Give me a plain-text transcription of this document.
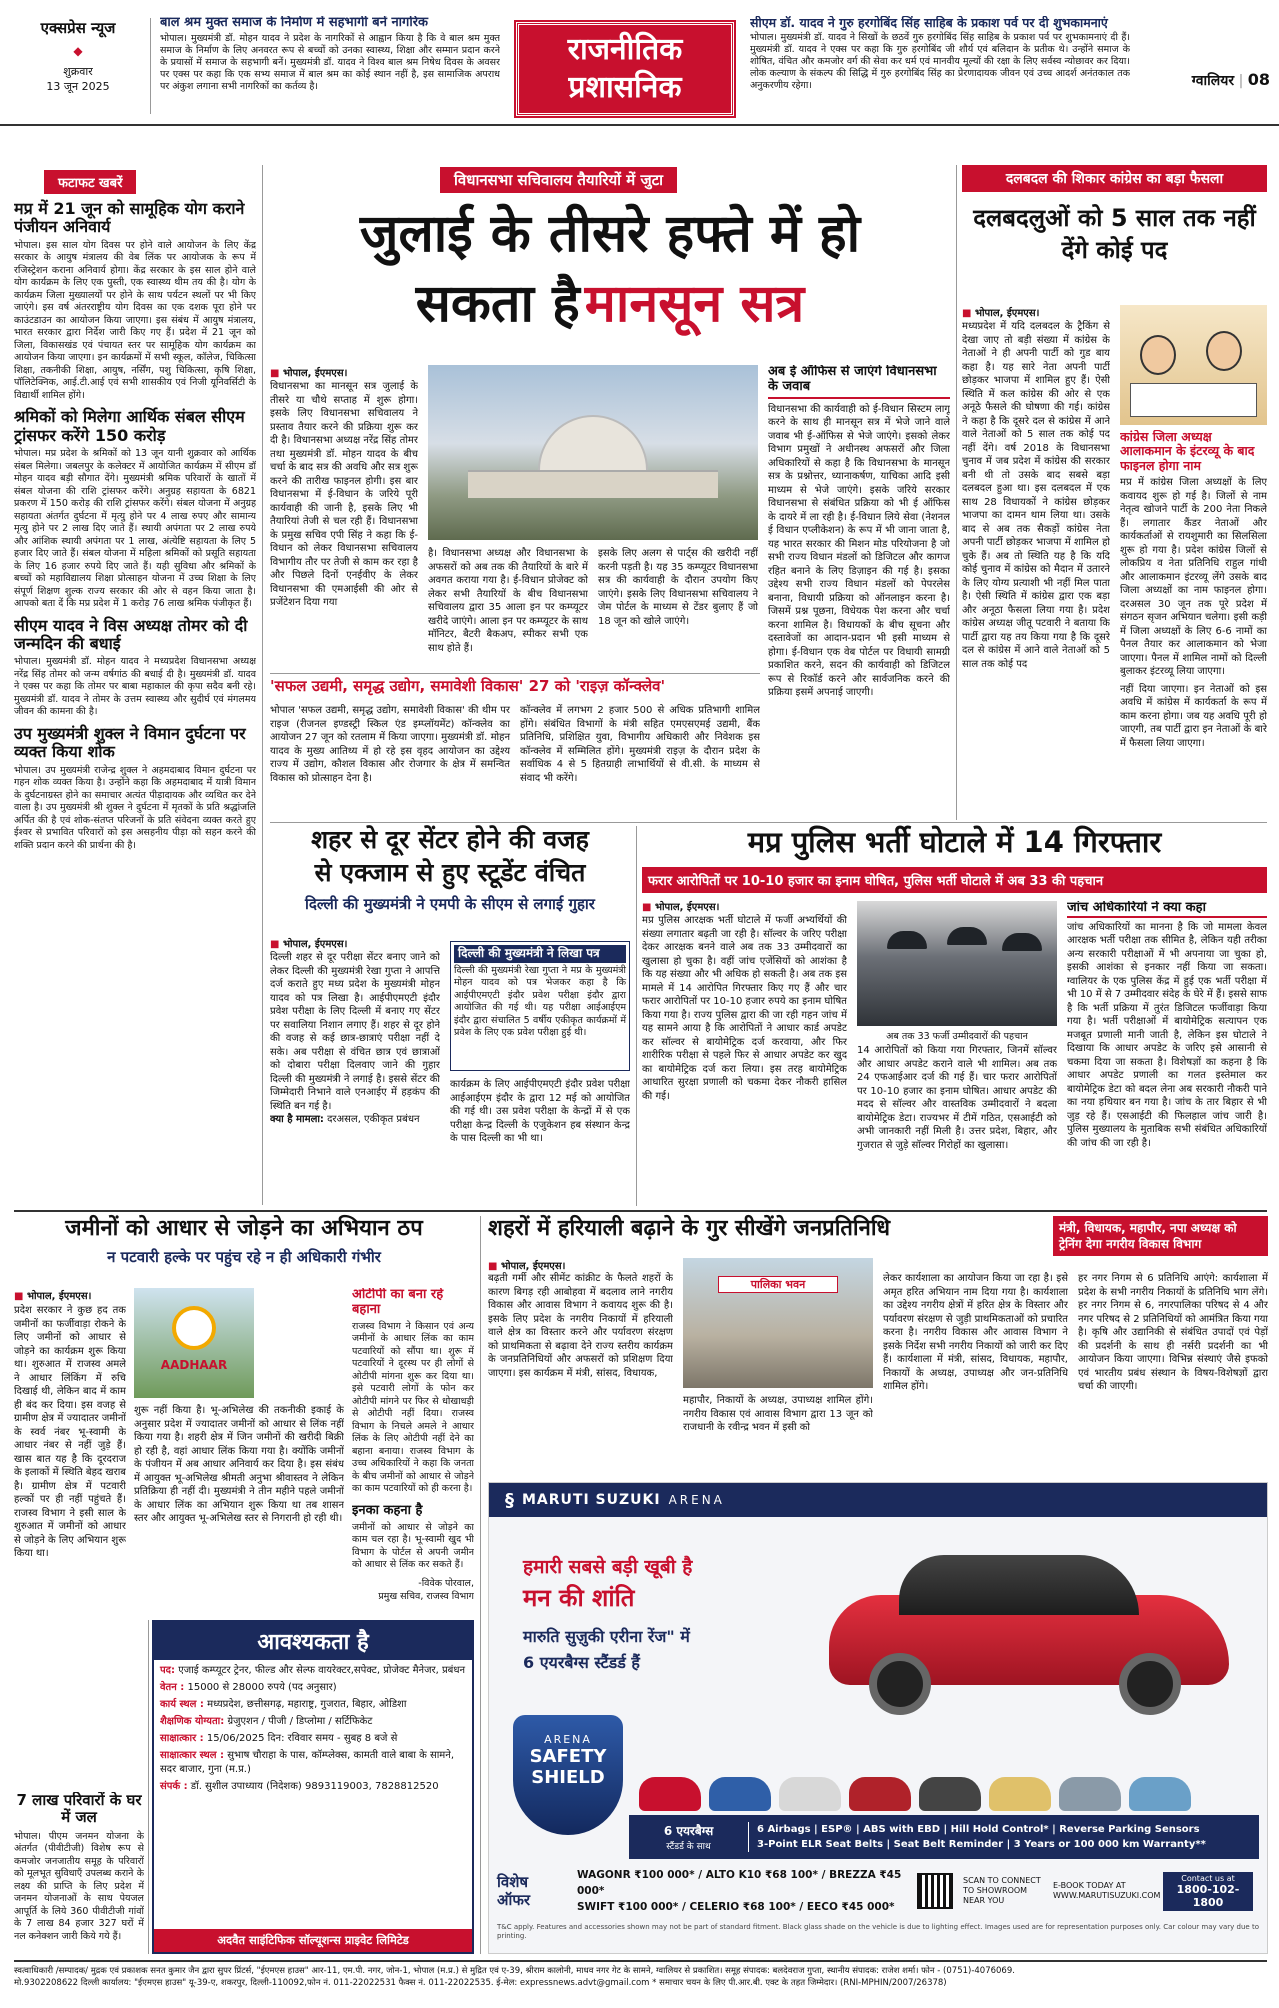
एक्सप्रेस न्यूज
◆
शुक्रवार
13 जून 2025
बाल श्रम मुक्त समाज के निर्माण में सहभागी बनें नागरिक
भोपाल। मुख्यमंत्री डॉ. मोहन यादव ने प्रदेश के नागरिकों से आह्वान किया है कि वे बाल श्रम मुक्त समाज के निर्माण के लिए अनवरत रूप से बच्चों को उनका स्वास्थ्य, शिक्षा और सम्मान प्रदान करने के प्रयासों में समाज के सहभागी बनें। मुख्यमंत्री डॉ. यादव ने विश्व बाल श्रम निषेध दिवस के अवसर पर एक्स पर कहा कि एक सभ्य समाज में बाल श्रम का कोई स्थान नहीं है, इस सामाजिक अपराध पर अंकुश लगाना सभी नागरिकों का कर्तव्य है।
राजनीतिक प्रशासनिक
सीएम डॉ. यादव ने गुरु हरगोबिंद सिंह साहिब के प्रकाश पर्व पर दी शुभकामनाएं
भोपाल। मुख्यमंत्री डॉ. यादव ने सिखों के छठवें गुरु हरगोबिंद सिंह साहिब के प्रकाश पर्व पर शुभकामनाएं दी हैं। मुख्यमंत्री डॉ. यादव ने एक्स पर कहा कि गुरु हरगोबिंद जी शौर्य एवं बलिदान के प्रतीक थे। उन्होंने समाज के शोषित, वंचित और कमजोर वर्ग की सेवा कर धर्म एवं मानवीय मूल्यों की रक्षा के लिए सर्वस्व न्योछावर कर दिया। लोक कल्याण के संकल्प की सिद्धि में गुरु हरगोबिंद सिंह का प्रेरणादायक जीवन एवं उच्च आदर्श अनंतकाल तक अनुकरणीय रहेगा।	ग्वालियर | 08
फटाफट खबरें
मप्र में 21 जून को सामूहिक योग कराने पंजीयन अनिवार्य
भोपाल। इस साल योग दिवस पर होने वाले आयोजन के लिए केंद्र सरकार के आयुष मंत्रालय की वेब लिंक पर आयोजक के रूप में रजिस्ट्रेशन कराना अनिवार्य होगा। केंद्र सरकार के इस साल होने वाले योग कार्यक्रम के लिए एक पुस्ती, एक स्वास्थ्य थीम तय की है। योग के कार्यक्रम जिला मुख्यालयों पर होने के साथ पर्यटन स्थलों पर भी किए जाएंगे। इस वर्ष अंतरराष्ट्रीय योग दिवस का एक दशक पूरा होने पर काउंटडाउन का आयोजन किया जाएगा। इस संबंध में आयुष मंत्रालय, भारत सरकार द्वारा निर्देश जारी किए गए हैं। प्रदेश में 21 जून को जिला, विकासखंड एवं पंचायत स्तर पर सामूहिक योग कार्यक्रम का आयोजन किया जाएगा। इन कार्यक्रमों में सभी स्कूल, कॉलेज, चिकित्सा शिक्षा, तकनीकी शिक्षा, आयुष, नर्सिंग, पशु चिकित्सा, कृषि शिक्षा, पॉलिटेक्निक, आई.टी.आई एवं सभी शासकीय एवं निजी यूनिवर्सिटी के विद्यार्थी शामिल होंगे।
श्रमिकों को मिलेगा आर्थिक संबल सीएम ट्रांसफर करेंगे 150 करोड़
भोपाल। मप्र प्रदेश के श्रमिकों को 13 जून यानी शुक्रवार को आर्थिक संबल मिलेगा। जबलपुर के कलेक्टर में आयोजित कार्यक्रम में सीएम डॉ मोहन यादव बड़ी सौगात देंगे। मुख्यमंत्री श्रमिक परिवारों के खातों में संबल योजना की राशि ट्रांसफर करेंगे। अनुग्रह सहायता के 6821 प्रकरण में 150 करोड़ की राशि ट्रांसफर करेंगे। संबल योजना में अनुग्रह सहायता अंतर्गत दुर्घटना में मृत्यु होने पर 4 लाख रुपए और सामान्य मृत्यु होने पर 2 लाख दिए जाते हैं। स्थायी अपंगता पर 2 लाख रुपये और आंशिक स्थायी अपंगता पर 1 लाख, अंत्येष्टि सहायता के लिए 5 हजार दिए जाते हैं। संबल योजना में महिला श्रमिकों को प्रसूति सहायता के लिए 16 हजार रुपये दिए जाते हैं। यही सुविधा और श्रमिकों के बच्चों को महाविद्यालय शिक्षा प्रोत्साहन योजना में उच्च शिक्षा के लिए संपूर्ण शिक्षण शुल्क राज्य सरकार की ओर से वहन किया जाता है। आपको बता दें कि मप्र प्रदेश में 1 करोड़ 76 लाख श्रमिक पंजीकृत हैं।
सीएम यादव ने विस अध्यक्ष तोमर को दी जन्मदिन की बधाई
भोपाल। मुख्यमंत्री डॉ. मोहन यादव ने मध्यप्रदेश विधानसभा अध्यक्ष नरेंद्र सिंह तोमर को जन्म वर्षगांठ की बधाई दी है। मुख्यमंत्री डॉ. यादव ने एक्स पर कहा कि तोमर पर बाबा महाकाल की कृपा सदैव बनी रहे। मुख्यमंत्री डॉ. यादव ने तोमर के उत्तम स्वास्थ्य और सुदीर्घ एवं मंगलमय जीवन की कामना की है।
उप मुख्यमंत्री शुक्ल ने विमान दुर्घटना पर व्यक्त किया शोक
भोपाल। उप मुख्यमंत्री राजेन्द्र शुक्ल ने अहमदाबाद विमान दुर्घटना पर गहन शोक व्यक्त किया है। उन्होंने कहा कि अहमदाबाद में यात्री विमान के दुर्घटनाग्रस्त होने का समाचार अत्यंत पीड़ादायक और व्यथित कर देने वाला है। उप मुख्यमंत्री श्री शुक्ल ने दुर्घटना में मृतकों के प्रति श्रद्धांजलि अर्पित की है एवं शोक-संतप्त परिजनों के प्रति संवेदना व्यक्त करते हुए ईश्वर से प्रभावित परिवारों को इस असहनीय पीड़ा को सहन करने की शक्ति प्रदान करने की प्रार्थना की है।
विधानसभा सचिवालय तैयारियों में जुटा
जुलाई के तीसरे हफ्ते में हो
सकता है मानसून सत्र
■ भोपाल, ईएमएस।
विधानसभा का मानसून सत्र जुलाई के तीसरे या चौथे सप्ताह में शुरू होगा। इसके लिए विधानसभा सचिवालय ने प्रस्ताव तैयार करने की प्रक्रिया शुरू कर दी है। विधानसभा अध्यक्ष नरेंद्र सिंह तोमर तथा मुख्यमंत्री डॉ. मोहन यादव के बीच चर्चा के बाद सत्र की अवधि और सत्र शुरू करने की तारीख फाइनल होगी। इस बार विधानसभा में ई-विधान के जरिये पूरी कार्यवाही की जानी है, इसके लिए भी तैयारियां तेजी से चल रही हैं। विधानसभा के प्रमुख सचिव एपी सिंह ने कहा कि ई-विधान को लेकर विधानसभा सचिवालय विभागीय तौर पर तेजी से काम कर रहा है और पिछले दिनों एनईवीए के लेकर विधानसभा की एमआईसी की ओर से प्रजेंटेशन दिया गया
है। विधानसभा अध्यक्ष और विधानसभा के अफसरों को अब तक की तैयारियों के बारे में अवगत कराया गया है। ई-विधान प्रोजेक्ट को लेकर सभी तैयारियों के बीच विधानसभा सचिवालय द्वारा 35 आला इन पर कम्प्यूटर खरीदे जाएंगे। आला इन पर कम्प्यूटर के साथ मॉनिटर, बैटरी बैकअप, स्पीकर सभी एक साथ होते हैं।
इसके लिए अलग से पार्ट्स की खरीदी नहीं करनी पड़ती है। यह 35 कम्प्यूटर विधानसभा सत्र की कार्यवाही के दौरान उपयोग किए जाएंगे। इसके लिए विधानसभा सचिवालय ने जेम पोर्टल के माध्यम से टेंडर बुलाए हैं जो 18 जून को खोले जाएंगे।
अब ई ऑफिस से जाएंगे विधानसभा के जवाब
विधानसभा की कार्यवाही को ई-विधान सिस्टम लागू करने के साथ ही मानसून सत्र में भेजे जाने वाले जवाब भी ई-ऑफिस से भेजे जाएंगे। इसको लेकर विभाग प्रमुखों ने अधीनस्थ अफसरों और जिला अधिकारियों से कहा है कि विधानसभा के मानसून सत्र के प्रश्नोत्तर, ध्यानाकर्षण, याचिका आदि इसी माध्यम से भेजे जाएंगे। इसके जरिये सरकार विधानसभा से संबंधित प्रक्रिया को भी ई ऑफिस के दायरे में ला रही है। ई-विधान लिये सेवा (नेशनल ई विधान एप्लीकेशन) के रूप में भी जाना जाता है, यह भारत सरकार की मिशन मोड परियोजना है जो सभी राज्य विधान मंडलों को डिजिटल और कागज रहित बनाने के लिए डिज़ाइन की गई है। इसका उद्देश्य सभी राज्य विधान मंडलों को पेपरलेस बनाना, विधायी प्रक्रिया को ऑनलाइन करना है। जिसमें प्रश्न पूछना, विधेयक पेश करना और चर्चा करना शामिल है। विधायकों के बीच सूचना और दस्तावेजों का आदान-प्रदान भी इसी माध्यम से होगा। ई-विधान एक वेब पोर्टल पर विधायी सामग्री प्रकाशित करने, सदन की कार्यवाही को डिजिटल रूप से रिकॉर्ड करने और सार्वजनिक करने की प्रक्रिया इसमें अपनाई जाएगी।
'सफल उद्यमी, समृद्ध उद्योग, समावेशी विकास' 27 को 'राइज़ कॉन्क्लेव'
भोपाल 'सफल उद्यमी, समृद्ध उद्योग, समावेशी विकास' की थीम पर राइज (रीजनल इण्डस्ट्री स्किल एंड इम्प्लॉयमेंट) कॉन्क्लेव का आयोजन 27 जून को रतलाम में किया जाएगा। मुख्यमंत्री डॉ. मोहन यादव के मुख्य आतिथ्य में हो रहे इस वृहद आयोजन का उद्देश्य राज्य में उद्योग, कौशल विकास और रोजगार के क्षेत्र में समन्वित विकास को प्रोत्साहन देना है।
कॉन्क्लेव में लगभग 2 हजार 500 से अधिक प्रतिभागी शामिल होंगे। संबंधित विभागों के मंत्री सहित एमएसएमई उद्यमी, बैंक प्रतिनिधि, प्रशिक्षित युवा, विभागीय अधिकारी और निवेशक इस कॉन्क्लेव में सम्मिलित होंगे। मुख्यमंत्री राइज़ के दौरान प्रदेश के सर्वाधिक 4 से 5 हितग्राही लाभार्थियों से वी.सी. के माध्यम से संवाद भी करेंगे।
दलबदल की शिकार कांग्रेस का बड़ा फैसला
दलबदलुओं को 5 साल तक नहीं देंगे कोई पद
■ भोपाल, ईएमएस।
मध्यप्रदेश में यदि दलबदल के ट्रैकिंग से देखा जाए तो बड़ी संख्या में कांग्रेस के नेताओं ने ही अपनी पार्टी को गुड बाय कहा है। यह सारे नेता अपनी पार्टी छोड़कर भाजपा में शामिल हुए हैं। ऐसी स्थिति में कल कांग्रेस की ओर से एक अनूठे फैसले की घोषणा की गई। कांग्रेस ने कहा है कि दूसरे दल से कांग्रेस में आने वाले नेताओं को 5 साल तक कोई पद नहीं देंगे। वर्ष 2018 के विधानसभा चुनाव में जब प्रदेश में कांग्रेस की सरकार बनी थी तो उसके बाद सबसे बड़ा दलबदल हुआ था। इस दलबदल में एक साथ 28 विधायकों ने कांग्रेस छोड़कर भाजपा का दामन थाम लिया था। उसके बाद से अब तक सैकड़ों कांग्रेस नेता अपनी पार्टी छोड़कर भाजपा में शामिल हो चुके हैं। अब तो स्थिति यह है कि यदि कोई चुनाव में कांग्रेस को मैदान में उतारने के लिए योग्य प्रत्याशी भी नहीं मिल पाता है। ऐसी स्थिति में कांग्रेस द्वारा एक बड़ा और अनूठा फैसला लिया गया है। प्रदेश कांग्रेस अध्यक्ष जीतू पटवारी ने बताया कि पार्टी द्वारा यह तय किया गया है कि दूसरे दल से कांग्रेस में आने वाले नेताओं को 5 साल तक कोई पद
कांग्रेस जिला अध्यक्ष आलाकमान के इंटरव्यू के बाद फाइनल होगा नाम
मप्र में कांग्रेस जिला अध्यक्षों के लिए कवायद शुरू हो गई है। जिलों से नाम नेतृत्व खोजने पार्टी के 200 नेता निकले हैं। लगातार कैंडर नेताओं और कार्यकर्ताओं से रायशुमारी का सिलसिला शुरू हो गया है। प्रदेश कांग्रेस जिलों से लोकप्रिय व नेता प्रतिनिधि राहुल गांधी और आलाकमान इंटरव्यू लेंगे उसके बाद जिला अध्यक्षों का नाम फाइनल होगा। दरअसल 30 जून तक पूरे प्रदेश में संगठन सृजन अभियान चलेगा। इसी कड़ी में जिला अध्यक्षों के लिए 6-6 नामों का पैनल तैयार कर आलाकमान को भेजा जाएगा। पैनल में शामिल नामों को दिल्ली बुलाकर इंटरव्यू लिया जाएगा।
नहीं दिया जाएगा। इन नेताओं को इस अवधि में कांग्रेस में कार्यकर्ता के रूप में काम करना होगा। जब यह अवधि पूरी हो जाएगी, तब पार्टी द्वारा इन नेताओं के बारे में फैसला लिया जाएगा।
शहर से दूर सेंटर होने की वजह
से एक्जाम से हुए स्टूडेंट वंचित
दिल्ली की मुख्यमंत्री ने एमपी के सीएम से लगाई गुहार
■ भोपाल, ईएमएस।
दिल्ली शहर से दूर परीक्षा सेंटर बनाए जाने को लेकर दिल्ली की मुख्यमंत्री रेखा गुप्ता ने आपत्ति दर्ज कराते हुए मध्य प्रदेश के मुख्यमंत्री मोहन यादव को पत्र लिखा है। आईपीएमएटी इंदौर प्रवेश परीक्षा के लिए दिल्ली में बनाए गए सेंटर पर सवालिया निशान लगाए हैं। शहर से दूर होने की वजह से कई छात्र-छात्राएं परीक्षा नहीं दे सके। अब परीक्षा से वंचित छात्र एवं छात्राओं को दोबारा परीक्षा दिलवाए जाने की गुहार दिल्ली की मुख्यमंत्री ने लगाई है। इससे सेंटर की जिम्मेदारी निभाने वाले एनआईए में हड़कंप की स्थिति बन गई है।
क्या है मामला: दरअसल, एकीकृत प्रबंधन
दिल्ली की मुख्यमंत्री ने लिखा पत्र
दिल्ली की मुख्यमंत्री रेखा गुप्ता ने मप्र के मुख्यमंत्री मोहन यादव को पत्र भेजकर कहा है कि आईपीएमएटी इंदौर प्रवेश परीक्षा इंदौर द्वारा आयोजित की गई थी। यह परीक्षा आईआईएम इंदौर द्वारा संचालित 5 वर्षीय एकीकृत कार्यक्रमों में प्रवेश के लिए एक प्रवेश परीक्षा हुई थी।
कार्यक्रम के लिए आईपीएमएटी इंदौर प्रवेश परीक्षा आईआईएम इंदौर के द्वारा 12 मई को आयोजित की गई थी। उस प्रवेश परीक्षा के केन्द्रों में से एक परीक्षा केन्द्र दिल्ली के एजुकेशन हब संस्थान केन्द्र के पास दिल्ली का भी था।
मप्र पुलिस भर्ती घोटाले में 14 गिरफ्तार
फरार आरोपितों पर 10-10 हजार का इनाम घोषित, पुलिस भर्ती घोटाले में अब 33 की पहचान
■ भोपाल, ईएमएस।
मप्र पुलिस आरक्षक भर्ती घोटाले में फर्जी अभ्यर्थियों की संख्या लगातार बढ़ती जा रही है। सॉल्वर के जरिए परीक्षा देकर आरक्षक बनने वाले अब तक 33 उम्मीदवारों का खुलासा हो चुका है। वहीं जांच एजेंसियों को आशंका है कि यह संख्या और भी अधिक हो सकती है। अब तक इस मामले में 14 आरोपित गिरफ्तार किए गए हैं और चार फरार आरोपितों पर 10-10 हजार रुपये का इनाम घोषित किया गया है। राज्य पुलिस द्वारा की जा रही गहन जांच में यह सामने आया है कि आरोपितों ने आधार कार्ड अपडेट कर सॉल्वर से बायोमेट्रिक दर्ज करवाया, और फिर शारीरिक परीक्षा से पहले फिर से आधार अपडेट कर खुद का बायोमेट्रिक दर्ज करा लिया। इस तरह बायोमेट्रिक आधारित सुरक्षा प्रणाली को चकमा देकर नौकरी हासिल की गई।
अब तक 33 फर्जी उम्मीदवारों की पहचान
14 आरोपितों को किया गया गिरफ्तार, जिनमें सॉल्वर और आधार अपडेट कराने वाले भी शामिल। अब तक 24 एफआईआर दर्ज की गई हैं। चार फरार आरोपितों पर 10-10 हजार का इनाम घोषित। आधार अपडेट की मदद से सॉल्वर और वास्तविक उम्मीदवारों ने बदला बायोमेट्रिक डेटा। राज्यभर में टीमें गठित, एसआईटी को अभी जानकारी नहीं मिली है। उत्तर प्रदेश, बिहार, और गुजरात से जुड़े सॉल्वर गिरोहों का खुलासा।
जांच अधिकारियों ने क्या कहा
जांच अधिकारियों का मानना है कि जो मामला केवल आरक्षक भर्ती परीक्षा तक सीमित है, लेकिन यही तरीका अन्य सरकारी परीक्षाओं में भी अपनाया जा चुका हो, इसकी आशंका से इनकार नहीं किया जा सकता। ग्वालियर के एक पुलिस केंद्र में हुई एक भर्ती परीक्षा में भी 10 में से 7 उम्मीदवार संदेह के घेरे में हैं। इससे साफ है कि भर्ती प्रक्रिया में तुरंत डिजिटल फर्जीवाड़ा किया गया है। भर्ती परीक्षाओं में बायोमेट्रिक सत्यापन एक मजबूत प्रणाली मानी जाती है, लेकिन इस घोटाले ने दिखाया कि आधार अपडेट के जरिए इसे आसानी से चकमा दिया जा सकता है। विशेषज्ञों का कहना है कि आधार अपडेट प्रणाली का गलत इस्तेमाल कर बायोमेट्रिक डेटा को बदल लेना अब सरकारी नौकरी पाने का नया हथियार बन गया है। जांच के तार बिहार से भी जुड़ रहे हैं। एसआईटी की फिलहाल जांच जारी है। पुलिस मुख्यालय के मुताबिक सभी संबंधित अधिकारियों की जांच की जा रही है।
जमीनों को आधार से जोड़ने का अभियान ठप
न पटवारी हल्के पर पहुंच रहे न ही अधिकारी गंभीर
■ भोपाल, ईएमएस।
प्रदेश सरकार ने कुछ हद तक जमीनों का फर्जीवाड़ा रोकने के लिए जमीनों को आधार से जोड़ने का कार्यक्रम शुरू किया था। शुरुआत में राजस्व अमले ने आधार लिंकिंग में रुचि दिखाई थी, लेकिन बाद में काम ही बंद कर दिया। इस वजह से ग्रामीण क्षेत्र में ज्यादातर जमीनों के स्वर्व नंबर भू-स्वामी के आधार नंबर से नहीं जुड़े हैं। खास बात यह है कि दूरदराज के इलाकों में स्थिति बेहद खराब है। ग्रामीण क्षेत्र में पटवारी हल्कों पर ही नहीं पहुंचते हैं। राजस्व विभाग ने इसी साल के शुरुआत में जमीनों को आधार से जोड़ने के लिए अभियान शुरू किया था।
AADHAAR
शुरू नहीं किया है। भू-अभिलेख की तकनीकी इकाई के अनुसार प्रदेश में ज्यादातर जमीनों को आधार से लिंक नहीं किया गया है। शहरी क्षेत्र में जिन जमीनों की खरीदी बिक्री हो रही है, वहां आधार लिंक किया गया है। क्योंकि जमीनों के पंजीयन में अब आधार अनिवार्य कर दिया है। इस संबंध में आयुक्त भू-अभिलेख श्रीमती अनुभा श्रीवास्तव ने लेकिन प्रतिक्रिया ही नहीं दी। मुख्यमंत्री ने तीन महीने पहले जमीनों के आधार लिंक का अभियान शुरू किया था तब शासन स्तर और आयुक्त भू-अभिलेख स्तर से निगरानी हो रही थी।
ओटीपी का बना रहे बहाना
राजस्व विभाग ने किसान एवं अन्य जमीनों के आधार लिंक का काम पटवारियों को सौंपा था। शुरू में पटवारियों ने दूरस्थ पर ही लोगों से ओटीपी मांगना शुरू कर दिया था। इसे पटवारी लोगों के फोन कर ओटीपी मांगने पर फिर से धोखाधड़ी से ओटीपी नहीं दिया। राजस्व विभाग के निचले अमले ने आधार लिंक के लिए ओटीपी नहीं देने का बहाना बनाया। राजस्व विभाग के उच्च अधिकारियों ने कहा कि जनता के बीच जमीनों को आधार से जोड़ने का काम पटवारियों को ही करना है।
इनका कहना है
जमीनों को आधार से जोड़ने का काम चल रहा है। भू-स्वामी खुद भी विभाग के पोर्टल से अपनी जमीन को आधार से लिंक कर सकते हैं।
-विवेक पोरवाल,
प्रमुख सचिव, राजस्व विभाग
शहरों में हरियाली बढ़ाने के गुर सीखेंगे जनप्रतिनिधि	मंत्री, विधायक, महापौर, नपा अध्यक्ष को ट्रेनिंग देगा नगरीय विकास विभाग
■ भोपाल, ईएमएस।
बढ़ती गर्मी और सीमेंट कांक्रीट के फैलते शहरों के कारण बिगड़ रही आबोहवा में बदलाव लाने नगरीय विकास और आवास विभाग ने कवायद शुरू की है। इसके लिए प्रदेश के नगरीय निकायों में हरियाली वाले क्षेत्र का विस्तार करने और पर्यावरण संरक्षण को प्राथमिकता से बढ़ावा देने राज्य स्तरीय कार्यक्रम के जनप्रतिनिधियों और अफसरों को प्रशिक्षण दिया जाएगा। इस कार्यक्रम में मंत्री, सांसद, विधायक,
पालिका भवन
महापौर, निकायों के अध्यक्ष, उपाध्यक्ष शामिल होंगे। नगरीय विकास एवं आवास विभाग द्वारा 13 जून को राजधानी के रवीन्द्र भवन में इसी को
लेकर कार्यशाला का आयोजन किया जा रहा है। इसे अमृत हरित अभियान नाम दिया गया है। कार्यशाला का उद्देश्य नगरीय क्षेत्रों में हरित क्षेत्र के विस्तार और पर्यावरण संरक्षण से जुड़ी प्राथमिकताओं को प्रचारित करना है। नगरीय विकास और आवास विभाग ने इसके निर्देश सभी नगरीय निकायों को जारी कर दिए हैं। कार्यशाला में मंत्री, सांसद, विधायक, महापौर, निकायों के अध्यक्ष, उपाध्यक्ष और जन-प्रतिनिधि शामिल होंगे।
हर नगर निगम से 6 प्रतिनिधि आएंगे: कार्यशाला में प्रदेश के सभी नगरीय निकायों के प्रतिनिधि भाग लेंगे। हर नगर निगम से 6, नगरपालिका परिषद से 4 और नगर परिषद से 2 प्रतिनिधियों को आमंत्रित किया गया है। कृषि और उद्यानिकी से संबंधित उपादों एवं पेड़ों की प्रदर्शनी के साथ ही नर्सरी प्रदर्शनी का भी आयोजन किया जाएगा। विभिन्न संस्थाएं जैसे इफको एवं भारतीय प्रबंध संस्थान के विषय-विशेषज्ञों द्वारा चर्चा की जाएगी।
7 लाख परिवारों के घर में जल
भोपाल। पीएम जनमन योजना के अंतर्गत (पीवीटीजी) विशेष रूप से कमजोर जनजातीय समूह के परिवारों को मूलभूत सुविधाएँ उपलब्ध कराने के लक्ष्य की प्राप्ति के लिए प्रदेश में जनमन योजनाओं के साथ पेयजल आपूर्ति के लिये 360 पीवीटीजी गांवों के 7 लाख 84 हजार 327 घरों में नल कनेक्शन जारी किये गये हैं।
आवश्यकता है
पद: एजाई कम्प्यूटर ट्रेनर, फील्ड और सेल्फ वायरेक्टर,सपेक्ट, प्रोजेक्ट मैनेजर, प्रबंधन
वेतन : 15000 से 28000 रुपये (पद अनुसार)
कार्य स्थल : मध्यप्रदेश, छत्तीसगढ़, महाराष्ट्र, गुजरात, बिहार, ओडिशा
शैक्षणिक योग्यता: ग्रेजुएशन / पीजी / डिप्लोमा / सर्टिफिकेट
साक्षात्कार : 15/06/2025 दिन: रविवार समय - सुबह 8 बजे से
साक्षात्कार स्थल : सुभाष चौराहा के पास, कॉम्प्लेक्स, कामती वाले बाबा के सामने, सदर बाजार, गुना (म.प्र.)
संपर्क : डॉ. सुशील उपाध्याय (निदेशक) 9893119003, 7828812520
अदवैत साइंटिफिक सॉल्यूशन्स प्राइवेट लिमिटेड
§ MARUTI SUZUKI ARENA
हमारी सबसे बड़ी खूबी है
मन की शांति
मारुति सुज़ुकी एरीना रेंज" में
6 एयरबैग्स स्टैंडर्ड हैं
ARENA
SAFETY
SHIELD
6 एयरबैग्स
स्टैंडर्ड के साथ
6 Airbags | ESP® | ABS with EBD | Hill Hold Control* | Reverse Parking Sensors
3-Point ELR Seat Belts | Seat Belt Reminder | 3 Years or 100 000 km Warranty**
विशेष
ऑफर
WAGONR ₹100 000* / ALTO K10 ₹68 100* / BREZZA ₹45 000*
SWIFT ₹100 000* / CELERIO ₹68 100* / EECO ₹45 000*
SCAN TO CONNECT TO SHOWROOM NEAR YOU
E-BOOK TODAY AT WWW.MARUTISUZUKI.COM
Contact us at
1800-102-1800
T&C apply. Features and accessories shown may not be part of standard fitment. Black glass shade on the vehicle is due to lighting effect. Images used are for representation purposes only. Car colour may vary due to printing.
स्वत्वाधिकारी /सम्पादक/ मुद्रक एवं प्रकाशक सनत कुमार जैन द्वारा सुपर प्रिंटर्स, "ईएमएस हाउस" आर-11, एम.पी. नगर, जोन-1, भोपाल (म.प्र.) से मुद्रित एवं ए-39, श्रीराम कालोनी, माधव नगर गेट के सामने, ग्वालियर से प्रकाशित। समूह संपादक: बलदेवराज गुप्ता, स्थानीय संपादक: राजेश शर्मा। फोन - (0751)-4076069.
मो.9302208622 दिल्ली कार्यालय: "ईएमएस हाउस" यू-39-ए, शकरपुर, दिल्ली-110092,फोन नं. 011-22022531 फैक्स नं. 011-22022535. ई-मेल: expressnews.advt@gmail.com * समाचार चयन के लिए पी.आर.बी. एक्ट के तहत जिम्मेदार। (RNI-MPHIN/2007/26378)
